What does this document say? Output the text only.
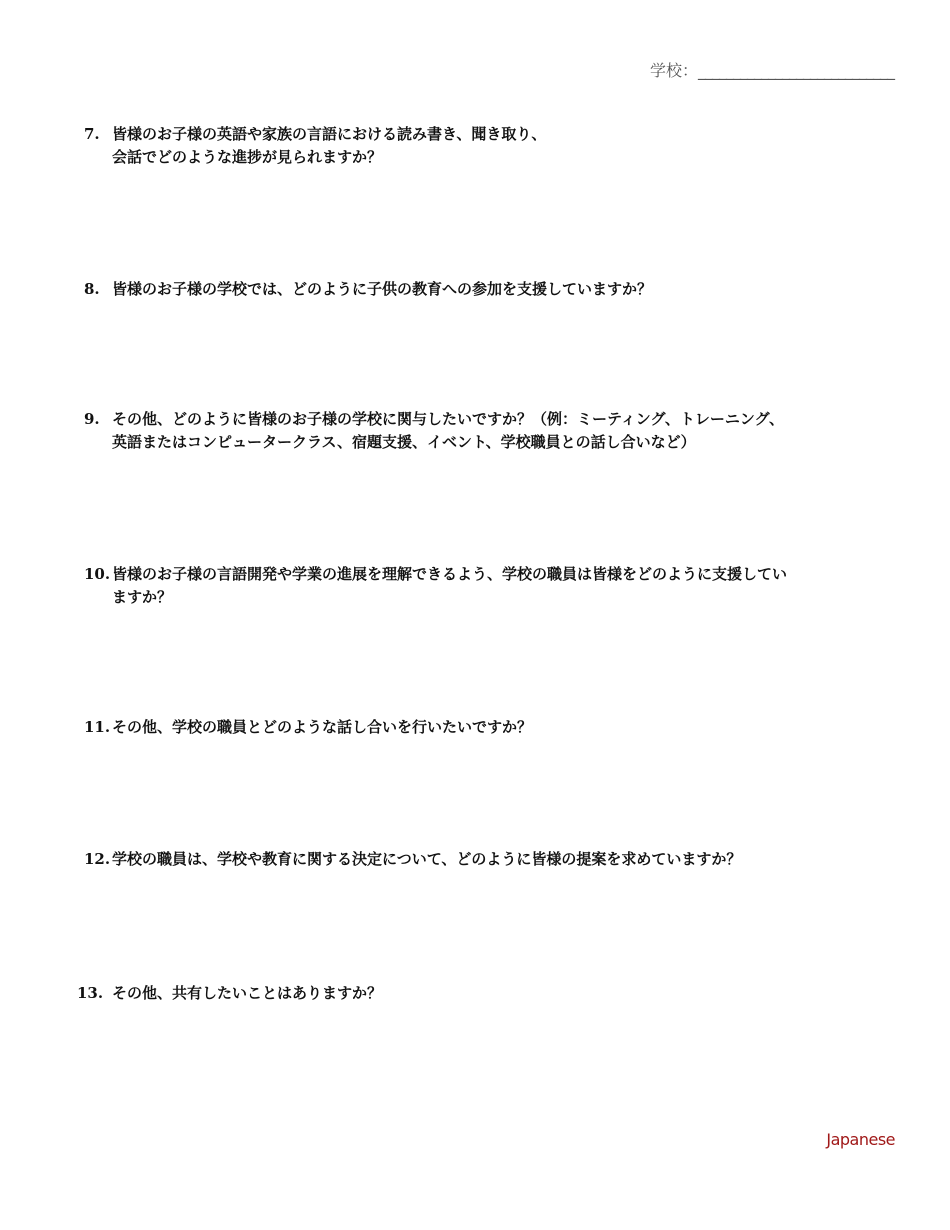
学校：____________________________
7. 皆様のお子様の英語や家族の言語における読み書き、聞き取り、
会話でどのような進捗が見られますか？
8. 皆様のお子様の学校では、どのように子供の教育への参加を支援していますか？
9. その他、どのように皆様のお子様の学校に関与したいですか？（例：ミーティング、トレーニング、
英語またはコンピュータークラス、宿題支援、イベント、学校職員との話し合いなど）
10. 皆様のお子様の言語開発や学業の進展を理解できるよう、学校の職員は皆様をどのように支援してい
ますか？
11. その他、学校の職員とどのような話し合いを行いたいですか？
12. 学校の職員は、学校や教育に関する決定について、どのように皆様の提案を求めていますか？
13. その他、共有したいことはありますか？
Japanese
